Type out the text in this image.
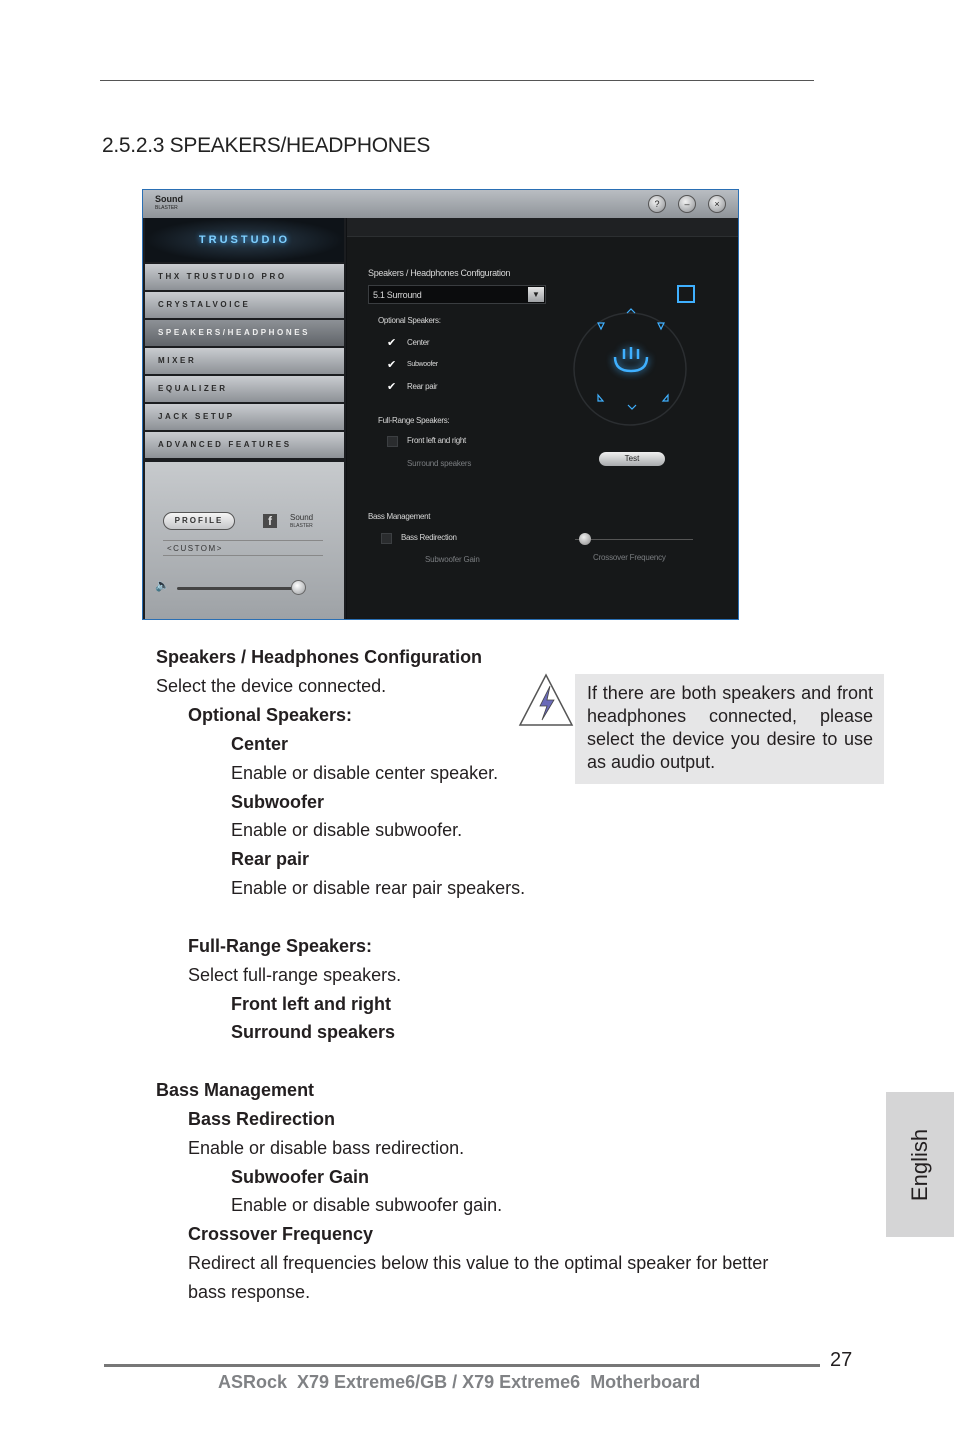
2.5.2.3 SPEAKERS/HEADPHONES
Sound
BLASTER	?	–	×
TRUSTUDIO
THX TRUSTUDIO PRO
CRYSTALVOICE
SPEAKERS/HEADPHONES
MIXER
EQUALIZER
JACK SETUP
ADVANCED FEATURES
PROFILE	f	Sound
BLASTER
<CUSTOM>
🔈
Speakers / Headphones Configuration
5.1 Surround	▼
Optional Speakers:
✔ Center
✔ Subwoofer
✔ Rear pair
Full-Range Speakers:
Front left and right
Surround speakers
Test
Bass Management
Bass Redirection
Subwoofer Gain	Crossover Frequency
If there are both speakers and front headphones connected, please select the device you desire to use as audio output.
Speakers / Headphones Configuration
Select the device connected.
Optional Speakers:
Center
Enable or disable center speaker.
Subwoofer
Enable or disable subwoofer.
Rear pair
Enable or disable rear pair speakers.
Full-Range Speakers:
Select full-range speakers.
Front left and right
Surround speakers
Bass Management
Bass Redirection
Enable or disable bass redirection.
Subwoofer Gain
Enable or disable subwoofer gain.
Crossover Frequency
Redirect all frequencies below this value to the optimal speaker for better
bass response.
English
27
ASRock  X79 Extreme6/GB / X79 Extreme6  Motherboard
